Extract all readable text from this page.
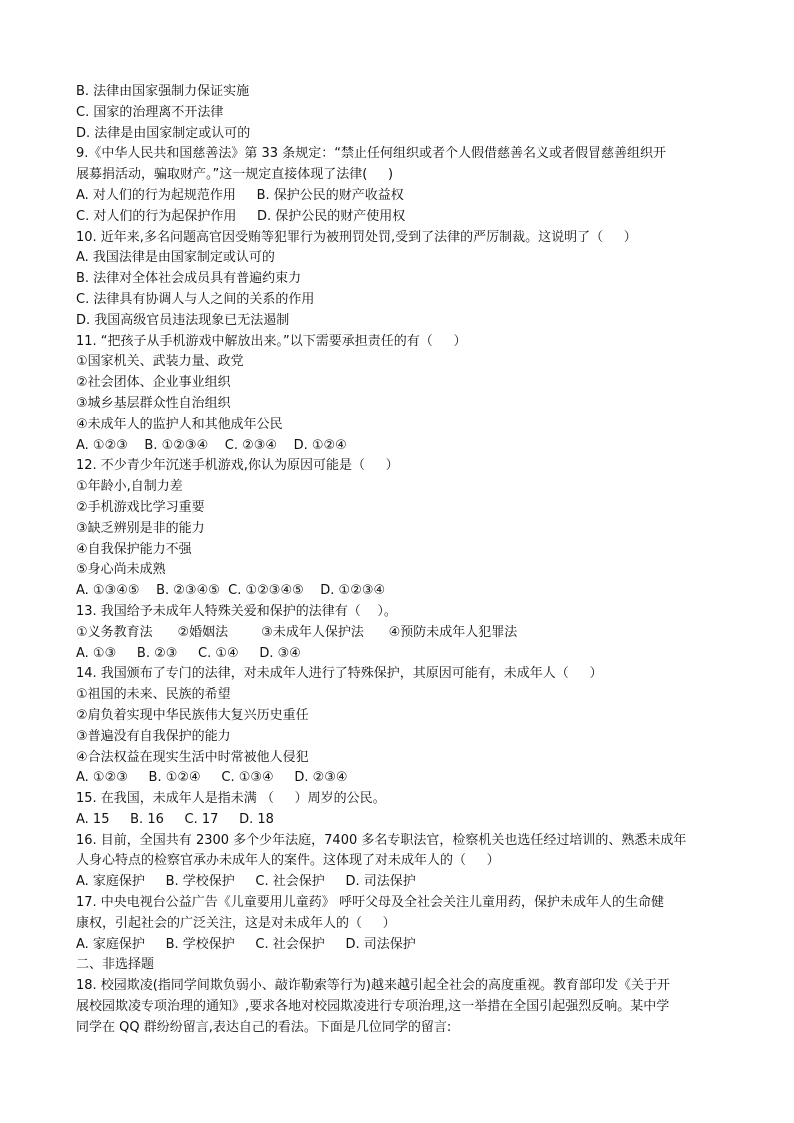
B. 法律由国家强制力保证实施
C. 国家的治理离不开法律
D. 法律是由国家制定或认可的
9.《中华人民共和国慈善法》第 33 条规定：“禁止任何组织或者个人假借慈善名义或者假冒慈善组织开
展募捐活动，骗取财产。”这一规定直接体现了法律(     )
A. 对人们的行为起规范作用     B. 保护公民的财产收益权
C. 对人们的行为起保护作用     D. 保护公民的财产使用权
10. 近年来,多名问题高官因受贿等犯罪行为被刑罚处罚,受到了法律的严厉制裁。这说明了（     ）
A. 我国法律是由国家制定或认可的
B. 法律对全体社会成员具有普遍约束力
C. 法律具有协调人与人之间的关系的作用
D. 我国高级官员违法现象已无法遏制
11. “把孩子从手机游戏中解放出来。”以下需要承担责任的有（     ）
①国家机关、武装力量、政党
②社会团体、企业事业组织
③城乡基层群众性自治组织
④未成年人的监护人和其他成年公民
A. ①②③    B. ①②③④    C. ②③④    D. ①②④
12. 不少青少年沉迷手机游戏,你认为原因可能是（     ）
①年龄小,自制力差
②手机游戏比学习重要
③缺乏辨别是非的能力
④自我保护能力不强
⑤身心尚未成熟
A. ①③④⑤    B. ②③④⑤  C. ①②③④⑤    D. ①②③④
13. 我国给予未成年人特殊关爱和保护的法律有（    ）。
①义务教育法      ②婚姻法        ③未成年人保护法      ④预防未成年人犯罪法
A. ①③     B. ②③     C. ①④     D. ③④
14. 我国颁布了专门的法律，对未成年人进行了特殊保护，其原因可能有，未成年人（     ）
①祖国的未来、民族的希望
②肩负着实现中华民族伟大复兴历史重任
③普遍没有自我保护的能力
④合法权益在现实生活中时常被他人侵犯
A. ①②③     B. ①②④     C. ①③④     D. ②③④
15. 在我国，未成年人是指未满 （     ）周岁的公民。
A. 15     B. 16     C. 17     D. 18
16. 目前，全国共有 2300 多个少年法庭，7400 多名专职法官，检察机关也选任经过培训的、熟悉未成年
人身心特点的检察官承办未成年人的案件。这体现了对未成年人的（     ）
A. 家庭保护     B. 学校保护     C. 社会保护     D. 司法保护
17. 中央电视台公益广告《儿童要用儿童药》 呼吁父母及全社会关注儿童用药，保护未成年人的生命健
康权，引起社会的广泛关注，这是对未成年人的（     ）
A. 家庭保护     B. 学校保护     C. 社会保护     D. 司法保护
二、非选择题
18. 校园欺凌(指同学间欺负弱小、敲诈勒索等行为)越来越引起全社会的高度重视。教育部印发《关于开
展校园欺凌专项治理的通知》,要求各地对校园欺凌进行专项治理,这一举措在全国引起强烈反响。某中学
同学在 QQ 群纷纷留言,表达自己的看法。下面是几位同学的留言:
